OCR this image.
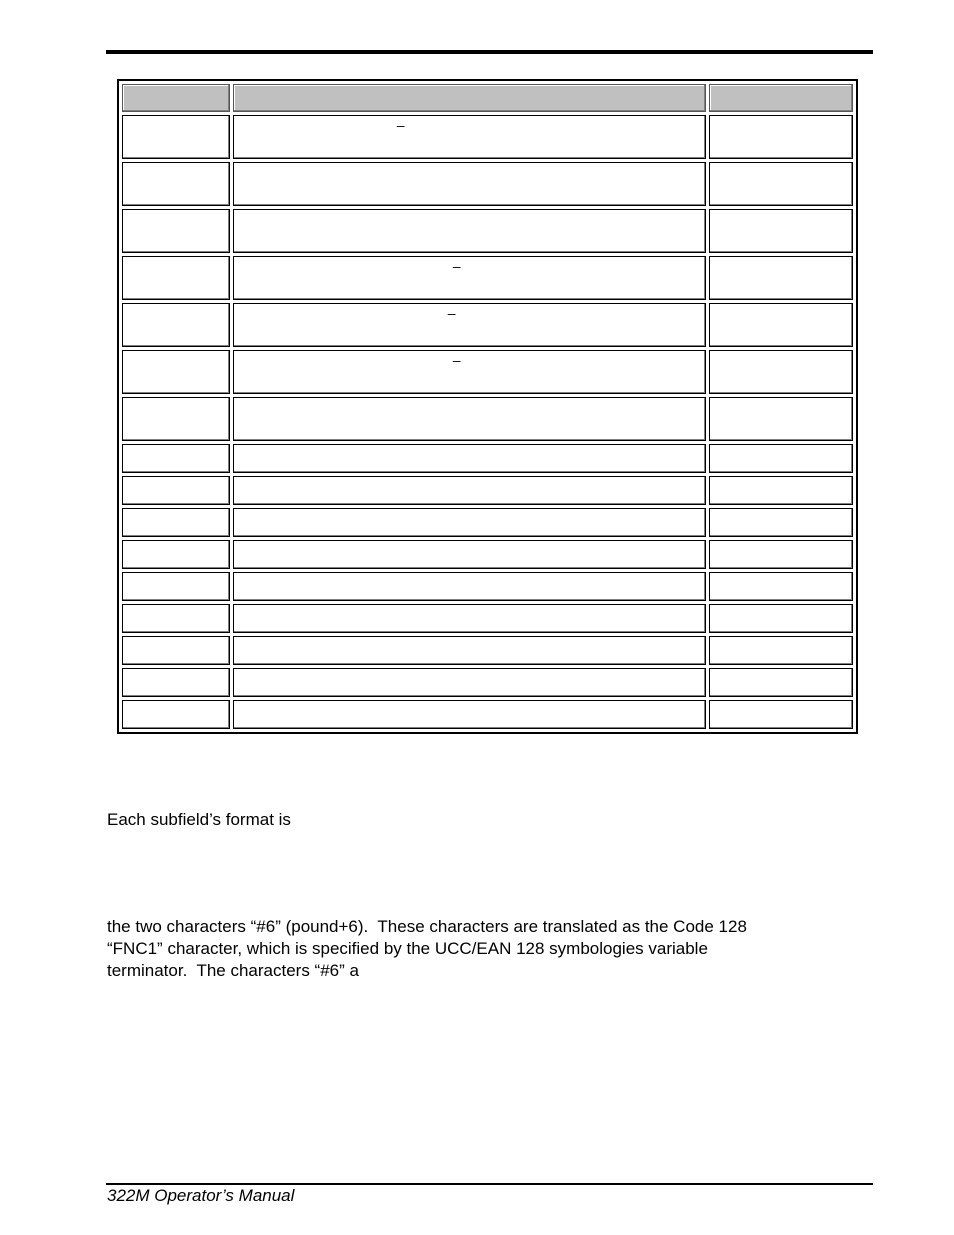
	–	

	–	

	–	

	–	

Each subfield’s format is
the two characters “#6” (pound+6).  These characters are translated as the Code 128
“FNC1” character, which is specified by the UCC/EAN 128 symbologies variable
terminator.  The characters “#6” a
322M Operator’s Manual
